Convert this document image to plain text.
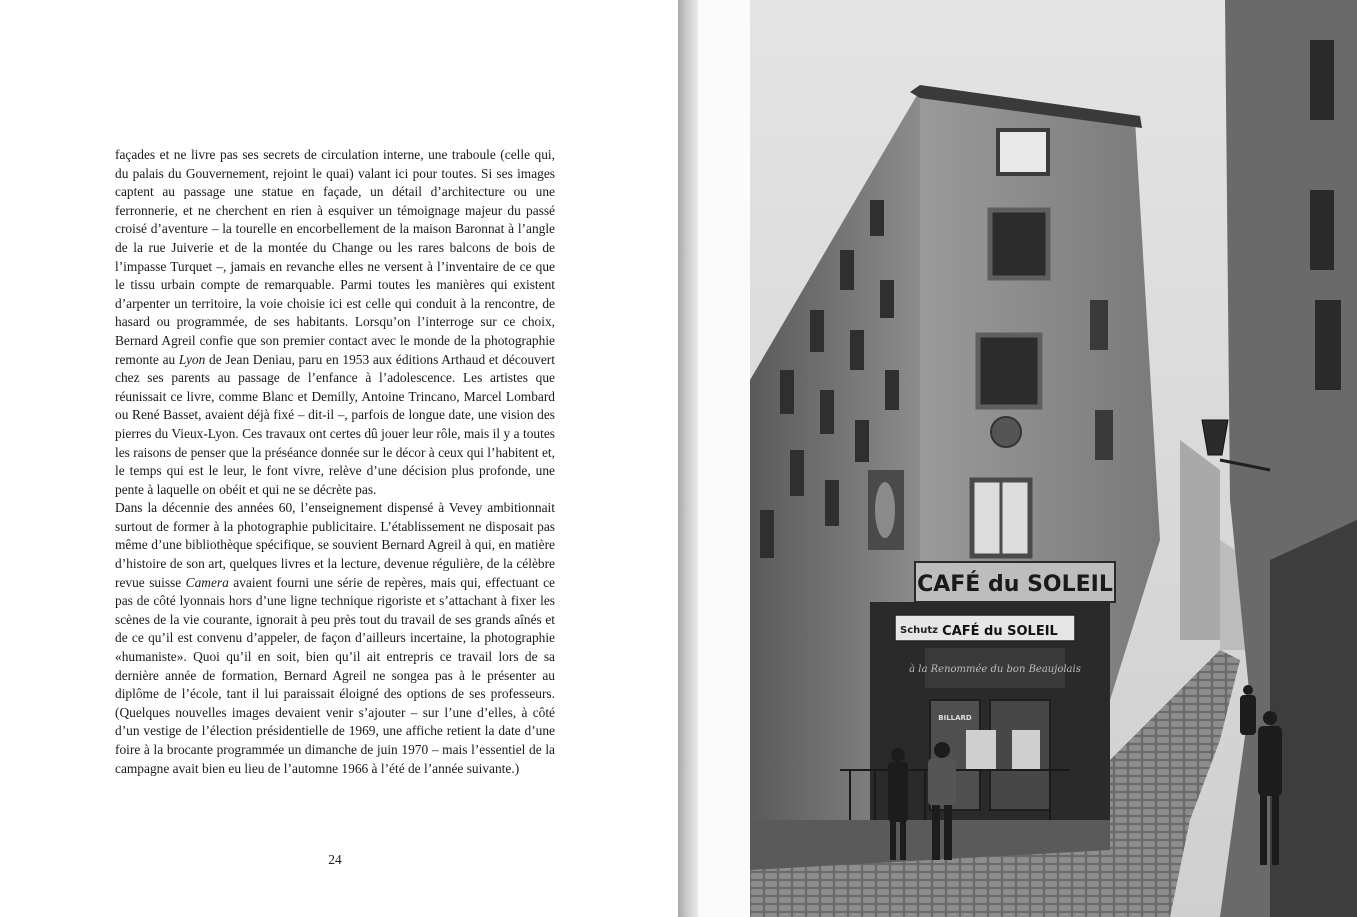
façades et ne livre pas ses secrets de circulation interne, une traboule (celle qui, du palais du Gouvernement, rejoint le quai) valant ici pour toutes. Si ses images captent au passage une statue en façade, un détail d’architecture ou une ferronnerie, et ne cherchent en rien à esquiver un témoignage majeur du passé croisé d’aventure – la tourelle en encorbellement de la maison Baronnat à l’angle de la rue Juiverie et de la montée du Change ou les rares balcons de bois de l’impasse Turquet –, jamais en revanche elles ne versent à l’inventaire de ce que le tissu urbain compte de remarquable. Parmi toutes les manières qui existent d’arpenter un territoire, la voie choisie ici est celle qui conduit à la rencontre, de hasard ou programmée, de ses habitants. Lorsqu’on l’interroge sur ce choix, Bernard Agreil confie que son premier contact avec le monde de la photographie remonte au Lyon de Jean Deniau, paru en 1953 aux éditions Arthaud et découvert chez ses parents au passage de l’enfance à l’adolescence. Les artistes que réunissait ce livre, comme Blanc et Demilly, Antoine Trincano, Marcel Lombard ou René Basset, avaient déjà fixé – dit-il –, parfois de longue date, une vision des pierres du Vieux-Lyon. Ces travaux ont certes dû jouer leur rôle, mais il y a toutes les raisons de penser que la préséance donnée sur le décor à ceux qui l’habitent et, le temps qui est le leur, le font vivre, relève d’une décision plus profonde, une pente à laquelle on obéit et qui ne se décrète pas.

Dans la décennie des années 60, l’enseignement dispensé à Vevey ambitionnait surtout de former à la photographie publicitaire. L’établissement ne disposait pas même d’une bibliothèque spécifique, se souvient Bernard Agreil à qui, en matière d’histoire de son art, quelques livres et la lecture, devenue régulière, de la célèbre revue suisse Camera avaient fourni une série de repères, mais qui, effectuant ce pas de côté lyonnais hors d’une ligne technique rigoriste et s’attachant à fixer les scènes de la vie courante, ignorait à peu près tout du travail de ses grands aînés et de ce qu’il est convenu d’appeler, de façon d’ailleurs incertaine, la photographie «humaniste». Quoi qu’il en soit, bien qu’il ait entrepris ce travail lors de sa dernière année de formation, Bernard Agreil ne songea pas à le présenter au diplôme de l’école, tant il lui paraissait éloigné des options de ses professeurs. (Quelques nouvelles images devaient venir s’ajouter – sur l’une d’elles, à côté d’un vestige de l’élection présidentielle de 1969, une affiche retient la date d’une foire à la brocante programmée un dimanche de juin 1970 – mais l’essentiel de la campagne avait bien eu lieu de l’automne 1966 à l’été de l’année suivante.)

24
CAFÉ du SOLEIL
Schutz CAFÉ du SOLEIL
à la Renommée du bon Beaujolais
BILLARD
